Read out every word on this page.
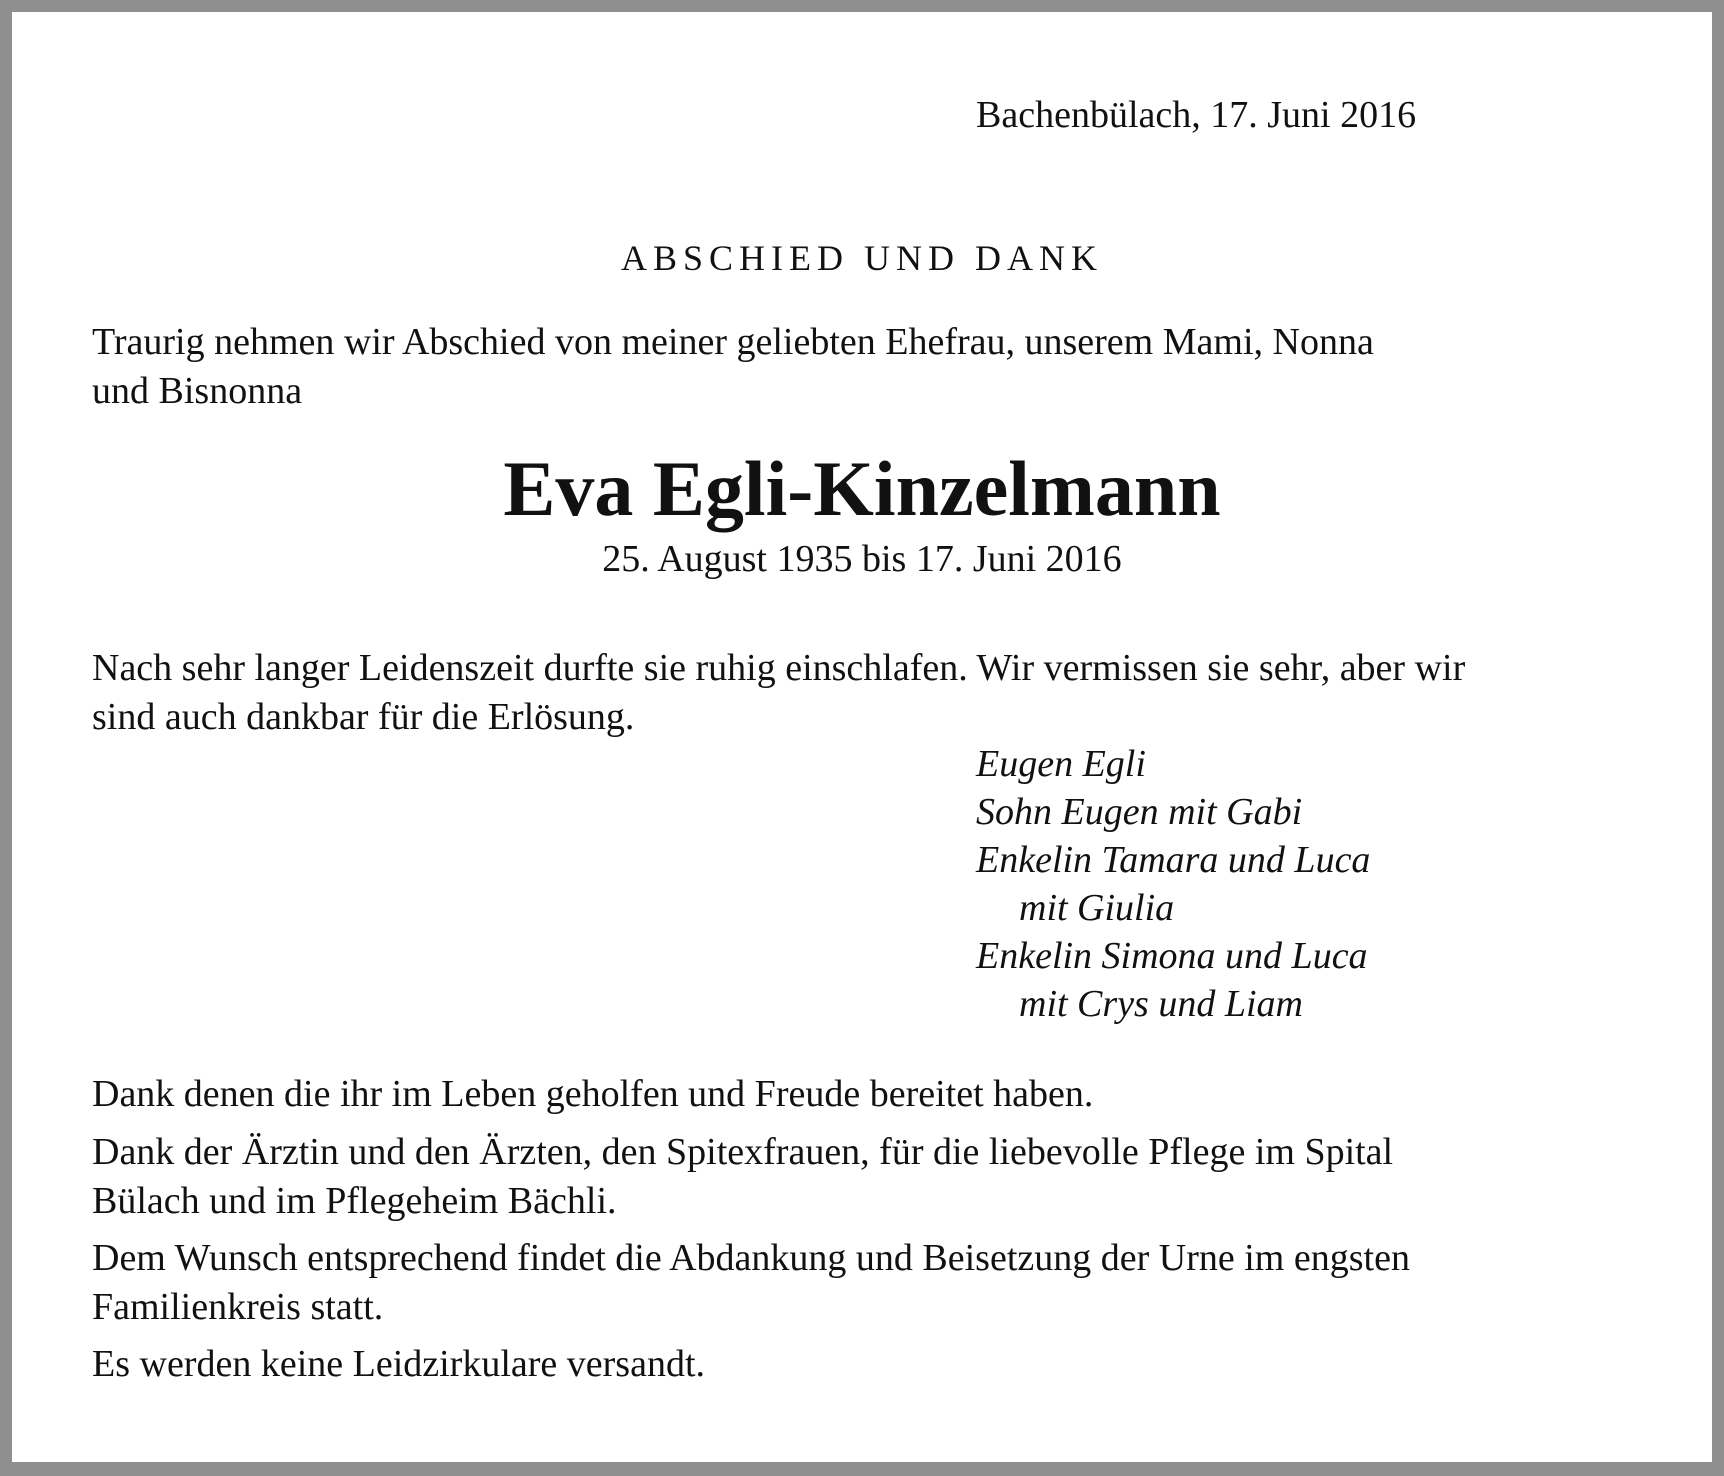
Bachenbülach, 17. Juni 2016
ABSCHIED UND DANK
Traurig nehmen wir Abschied von meiner geliebten Ehefrau, unserem Mami, Nonna
und Bisnonna
Eva Egli-Kinzelmann
25. August 1935 bis 17. Juni 2016
Nach sehr langer Leidenszeit durfte sie ruhig einschlafen. Wir vermissen sie sehr, aber wir
sind auch dankbar für die Erlösung.
Eugen Egli
Sohn Eugen mit Gabi
Enkelin Tamara und Luca
mit Giulia
Enkelin Simona und Luca
mit Crys und Liam
Dank denen die ihr im Leben geholfen und Freude bereitet haben.
Dank der Ärztin und den Ärzten, den Spitexfrauen, für die liebevolle Pflege im Spital
Bülach und im Pflegeheim Bächli.
Dem Wunsch entsprechend findet die Abdankung und Beisetzung der Urne im engsten
Familienkreis statt.
Es werden keine Leidzirkulare versandt.
